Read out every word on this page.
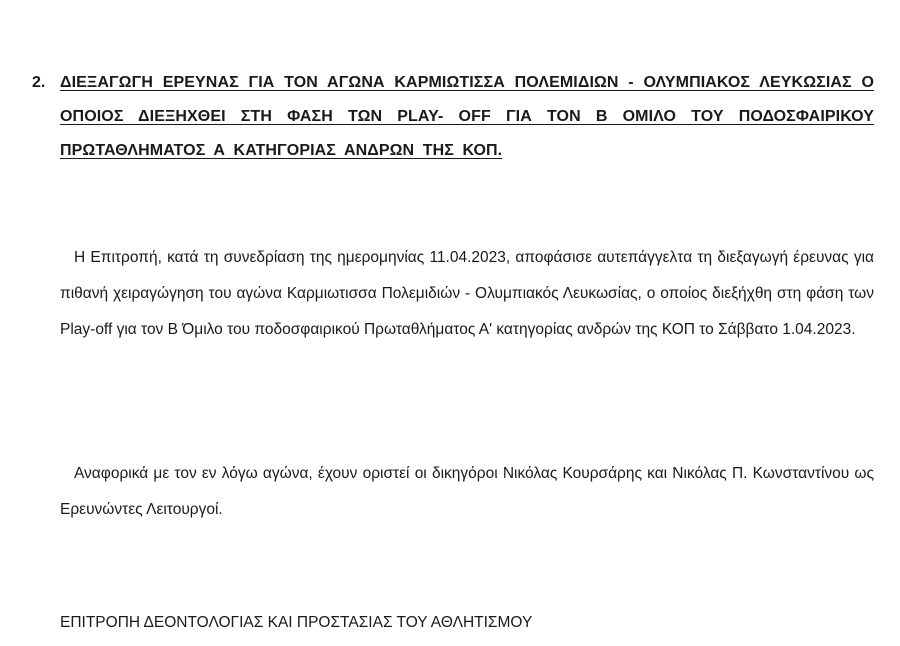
2. ΔΙΕΞΑΓΩΓΗ ΕΡΕΥΝΑΣ ΓΙΑ ΤΟΝ ΑΓΩΝΑ ΚΑΡΜΙΩΤΙΣΣΑ ΠΟΛΕΜΙΔΙΩΝ - ΟΛΥΜΠΙΑΚΟΣ ΛΕΥΚΩΣΙΑΣ Ο ΟΠΟΙΟΣ ΔΙΕΞΗΧΘΕΙ ΣΤΗ ΦΑΣΗ ΤΩΝ PLAY- OFF ΓΙΑ ΤΟΝ Β ΟΜΙΛΟ ΤΟΥ ΠΟΔΟΣΦΑΙΡΙΚΟΥ ΠΡΩΤΑΘΛΗΜΑΤΟΣ Α ΚΑΤΗΓΟΡΙΑΣ ΑΝΔΡΩΝ ΤΗΣ ΚΟΠ.

Η Επιτροπή, κατά τη συνεδρίαση της ημερομηνίας 11.04.2023, αποφάσισε αυτεπάγγελτα τη διεξαγωγή έρευνας για πιθανή χειραγώγηση του αγώνα Καρμιωτισσα Πολεμιδιών - Ολυμπιακός Λευκωσίας, ο οποίος διεξήχθη στη φάση των Play-off για τον Β Όμιλο του ποδοσφαιρικού Πρωταθλήματος Α' κατηγορίας ανδρών της ΚΟΠ το Σάββατο 1.04.2023.

Αναφορικά με τον εν λόγω αγώνα, έχουν οριστεί οι δικηγόροι Νικόλας Κουρσάρης και Νικόλας Π. Κωνσταντίνου ως Ερευνώντες Λειτουργοί.

ΕΠΙΤΡΟΠΗ ΔΕΟΝΤΟΛΟΓΙΑΣ ΚΑΙ ΠΡΟΣΤΑΣΙΑΣ ΤΟΥ ΑΘΛΗΤΙΣΜΟΥ
